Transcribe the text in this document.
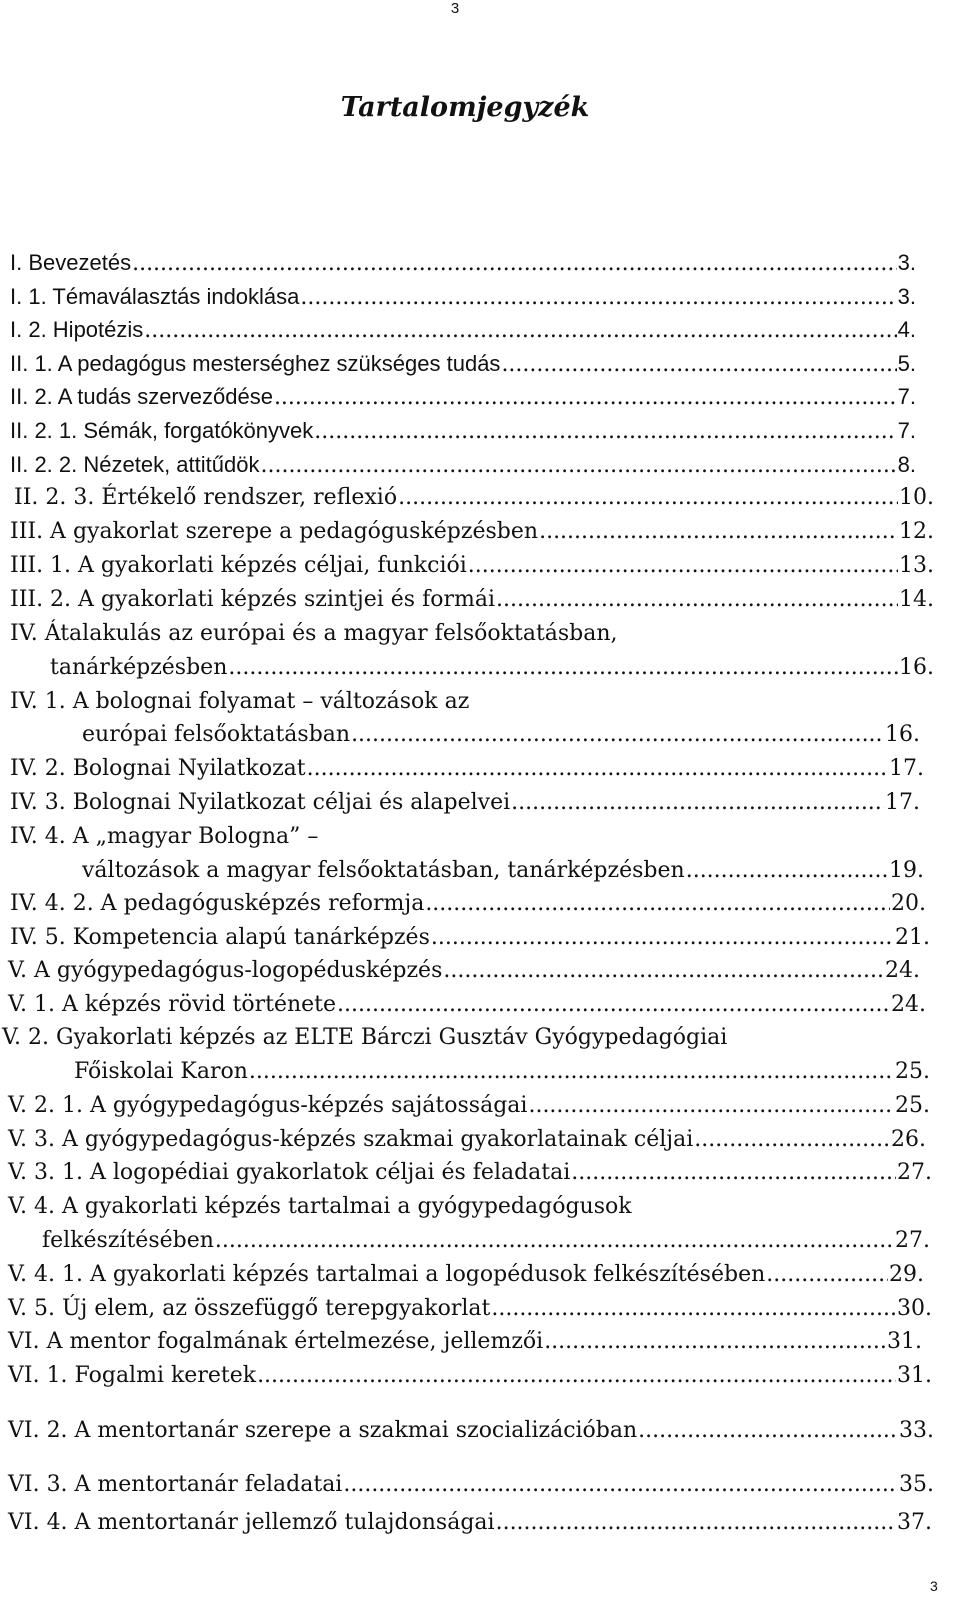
3
Tartalomjegyzék
I. Bevezetés .....	3.
I. 1. Témaválasztás indoklása .....	3.
I. 2. Hipotézis .....	4.
II. 1. A pedagógus mesterséghez szükséges tudás .....	5.
II. 2. A tudás szerveződése .....	7.
II. 2. 1. Sémák, forgatókönyvek .....	7.
II. 2. 2. Nézetek, attitűdök .....	8.
II. 2. 3. Értékelő rendszer, reflexió .....	10.
III. A gyakorlat szerepe a pedagógusképzésben .....	12.
III. 1. A gyakorlati képzés céljai, funkciói .....	13.
III. 2. A gyakorlati képzés szintjei és formái .....	14.
IV. Átalakulás az európai és a magyar felsőoktatásban,
tanárképzésben .....	16.
IV. 1. A bolognai folyamat – változások az
európai felsőoktatásban .....	16.
IV. 2. Bolognai Nyilatkozat .....	17.
IV. 3. Bolognai Nyilatkozat céljai és alapelvei .....	17.
IV. 4. A „magyar Bologna” –
változások a magyar felsőoktatásban, tanárképzésben .....	19.
IV. 4. 2. A pedagógusképzés reformja .....	20.
IV. 5. Kompetencia alapú tanárképzés .....	21.
V. A gyógypedagógus-logopédusképzés .....	24.
V. 1. A képzés rövid története .....	24.
V. 2. Gyakorlati képzés az ELTE Bárczi Gusztáv Gyógypedagógiai
Főiskolai Karon .....	25.
V. 2. 1. A gyógypedagógus-képzés sajátosságai .....	25.
V. 3. A gyógypedagógus-képzés szakmai gyakorlatainak céljai .....	26.
V. 3. 1. A logopédiai gyakorlatok céljai és feladatai .....	27.
V. 4. A gyakorlati képzés tartalmai a gyógypedagógusok
felkészítésében .....	27.
V. 4. 1. A gyakorlati képzés tartalmai a logopédusok felkészítésében .....	29.
V. 5. Új elem, az összefüggő terepgyakorlat .....	30.
VI. A mentor fogalmának értelmezése, jellemzői .....	31.
VI. 1. Fogalmi keretek .....	31.
VI. 2. A mentortanár szerepe a szakmai szocializációban .....	33.
VI. 3. A mentortanár feladatai .....	35.
VI. 4. A mentortanár jellemző tulajdonságai .....	37.
3
